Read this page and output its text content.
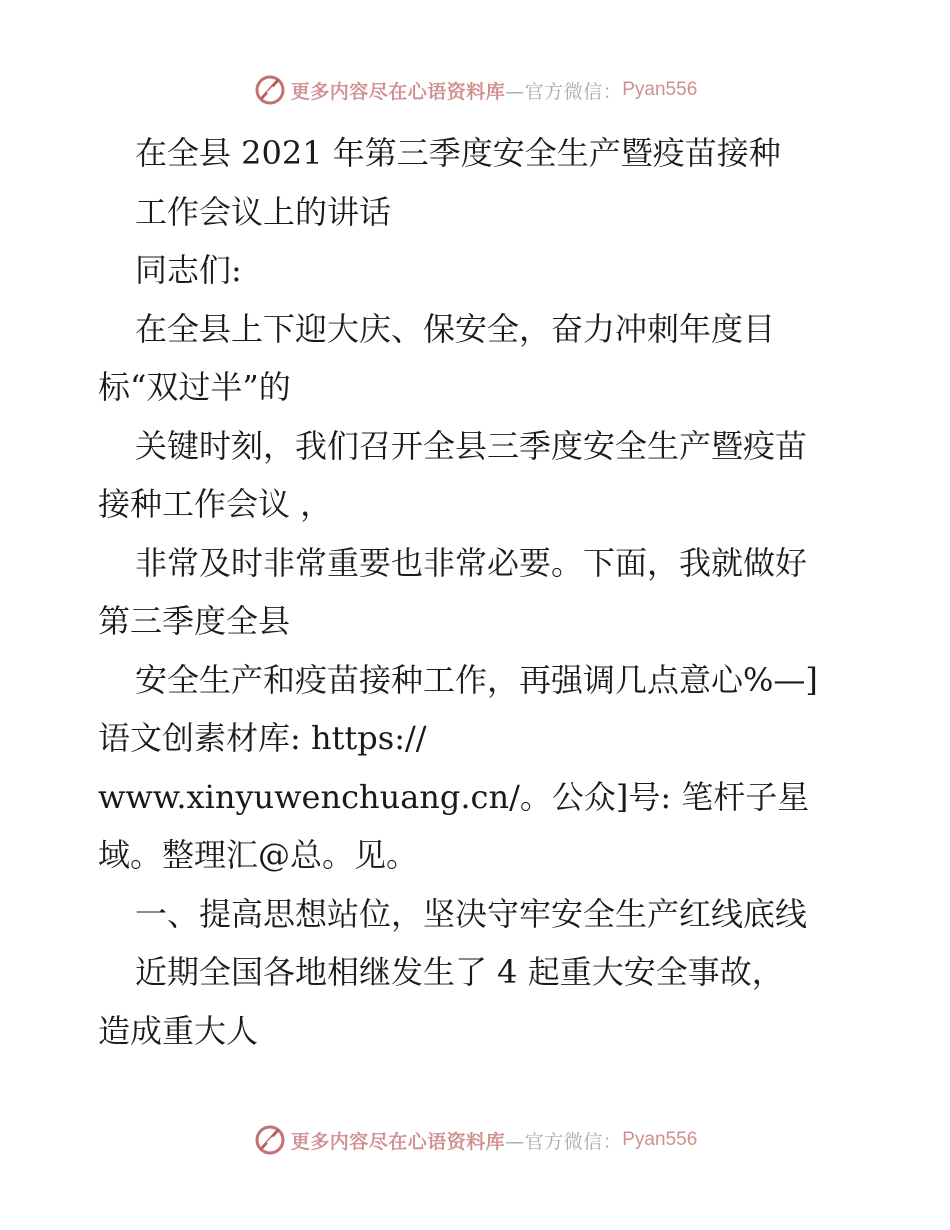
更多内容尽在心语资料库 —官方微信： Pyan556
在全县 2021 年第三季度安全生产暨疫苗接种
工作会议上的讲话
同志们:
在全县上下迎大庆、保安全，奋力冲刺年度目
标“双过半”的
关键时刻，我们召开全县三季度安全生产暨疫苗
接种工作会议 ，
非常及时非常重要也非常必要。下面，我就做好
第三季度全县
安全生产和疫苗接种工作，再强调几点意心%—]
语文创素材库: https://
www.xinyuwenchuang.cn/。公众]号: 笔杆子星
域。整理汇@总。见。
一、提高思想站位，坚决守牢安全生产红线底线
近期全国各地相继发生了 4 起重大安全事故，
造成重大人
更多内容尽在心语资料库 —官方微信： Pyan556
